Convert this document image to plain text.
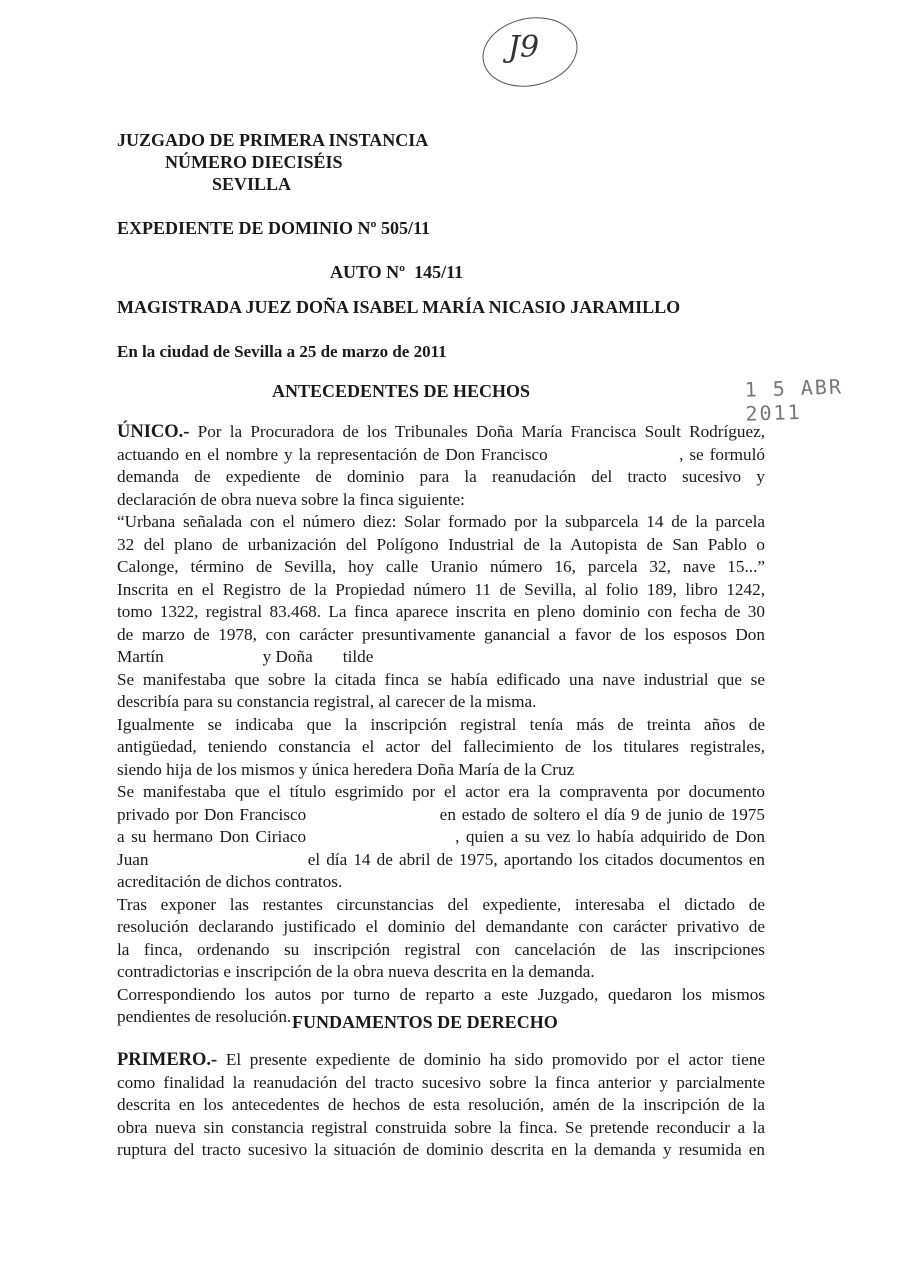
J9
1 5 ABR 2011
JUZGADO DE PRIMERA INSTANCIA
NÚMERO DIECISÉIS
SEVILLA
EXPEDIENTE DE DOMINIO Nº 505/11
AUTO Nº  145/11
MAGISTRADA JUEZ DOÑA ISABEL MARÍA NICASIO JARAMILLO
En la ciudad de Sevilla a 25 de marzo de 2011
ANTECEDENTES DE HECHOS
ÚNICO.- Por la Procuradora de los Tribunales Doña María Francisca Soult Rodríguez,
actuando en el nombre y la representación de Don Francisco                      , se formuló
demanda de expediente de dominio para la reanudación del tracto sucesivo y
declaración de obra nueva sobre la finca siguiente:
“Urbana señalada con el número diez: Solar formado por la subparcela 14 de la parcela
32 del plano de urbanización del Polígono Industrial de la Autopista de San Pablo o
Calonge, término de Sevilla, hoy calle Uranio número 16, parcela 32, nave 15...”
Inscrita en el Registro de la Propiedad número 11 de Sevilla, al folio 189, libro 1242,
tomo 1322, registral 83.468. La finca aparece inscrita en pleno dominio con fecha de 30
de marzo de 1978, con carácter presuntivamente ganancial a favor de los esposos Don
Martín                       y Doña       tilde
Se manifestaba que sobre la citada finca se había edificado una nave industrial que se
describía para su constancia registral, al carecer de la misma.
Igualmente se indicaba que la inscripción registral tenía más de treinta años de
antigüedad, teniendo constancia el actor del fallecimiento de los titulares registrales,
siendo hija de los mismos y única heredera Doña María de la Cruz
Se manifestaba que el título esgrimido por el actor era la compraventa por documento
privado por Don Francisco                       en estado de soltero el día 9 de junio de 1975
a su hermano Don Ciriaco                       , quien a su vez lo había adquirido de Don
Juan                          el día 14 de abril de 1975, aportando los citados documentos en
acreditación de dichos contratos.
Tras exponer las restantes circunstancias del expediente, interesaba el dictado de
resolución declarando justificado el dominio del demandante con carácter privativo de
la finca, ordenando su inscripción registral con cancelación de las inscripciones
contradictorias e inscripción de la obra nueva descrita en la demanda.
Correspondiendo los autos por turno de reparto a este Juzgado, quedaron los mismos
pendientes de resolución. FUNDAMENTOS DE DERECHO
PRIMERO.- El presente expediente de dominio ha sido promovido por el actor tiene
como finalidad la reanudación del tracto sucesivo sobre la finca anterior y parcialmente
descrita en los antecedentes de hechos de esta resolución, amén de la inscripción de la
obra nueva sin constancia registral construida sobre la finca. Se pretende reconducir a la
ruptura del tracto sucesivo la situación de dominio descrita en la demanda y resumida en
